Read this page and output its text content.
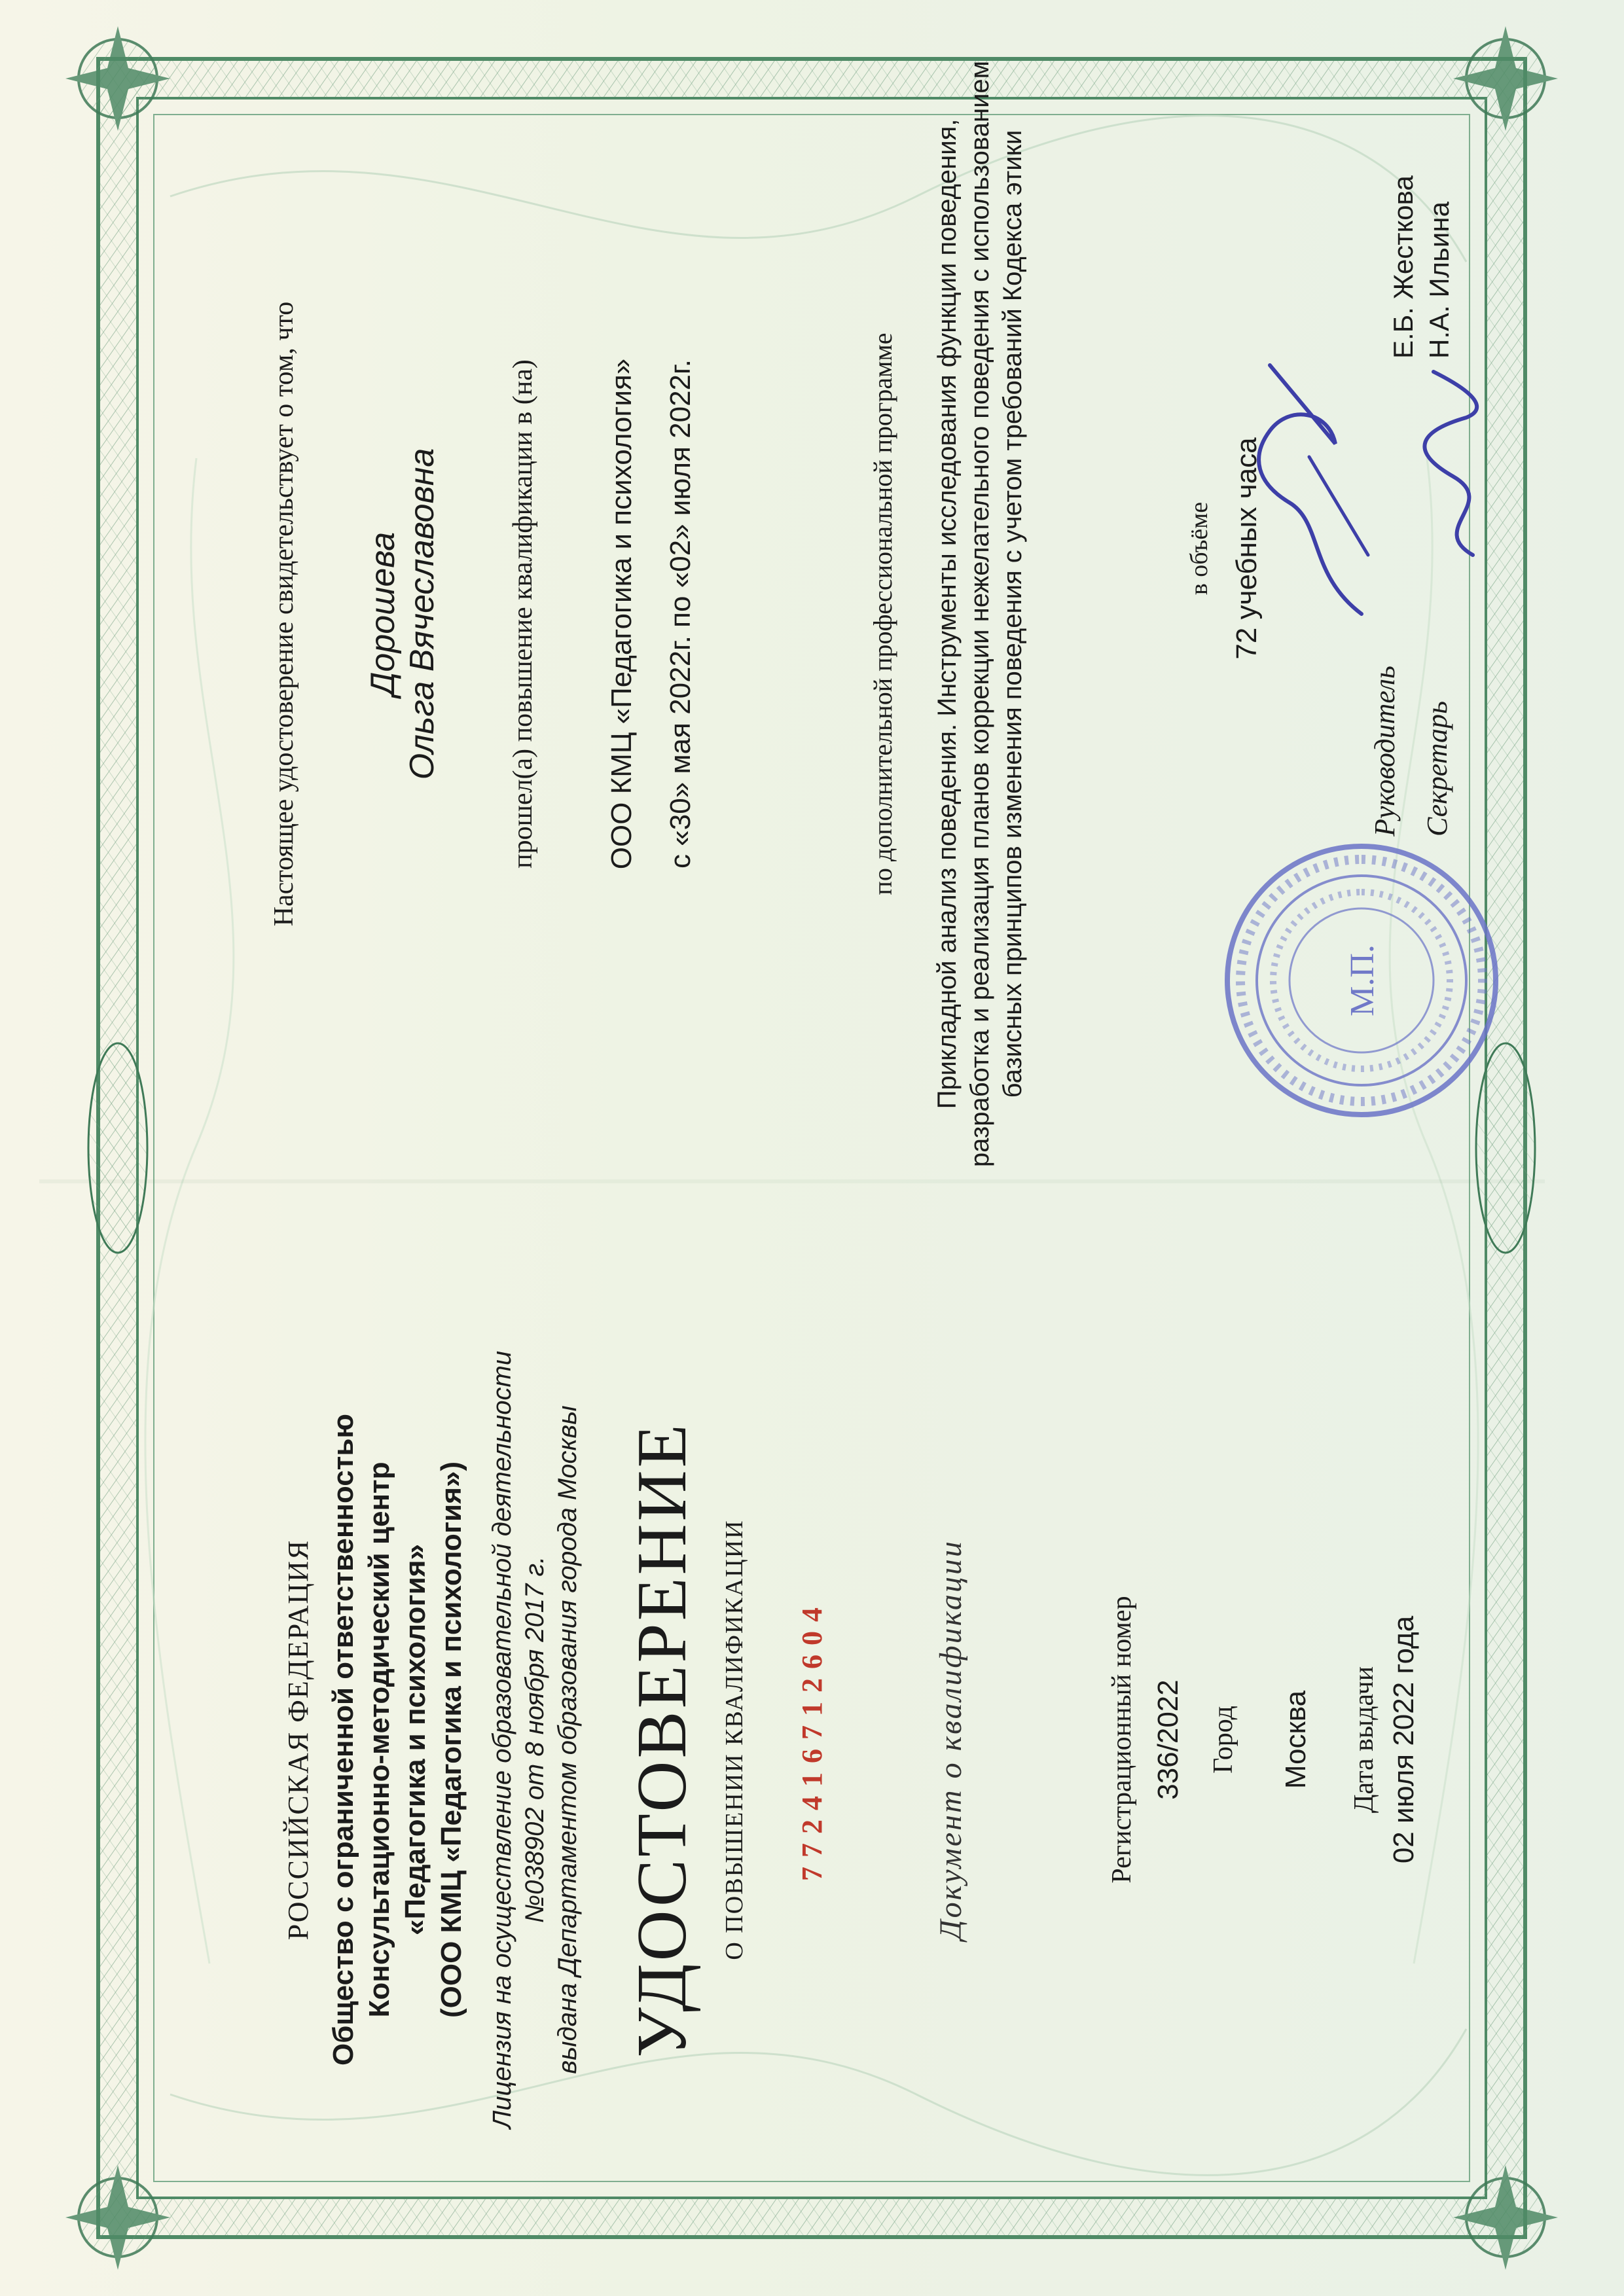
РОССИЙСКАЯ ФЕДЕРАЦИЯ Общество с ограниченной ответственностью Консультационно-методический центр «Педагогика и психология» (ООО КМЦ «Педагогика и психология») Лицензия на осуществление образовательной деятельности №038902 от 8 ноября 2017 г. выдана Департаментом образования города Москвы УДОСТОВЕРЕНИЕ О ПОВЫШЕНИИ КВАЛИФИКАЦИИ 772416712604	Документ о квалификации	Регистрационный номер 336/2022 Город Москва Дата выдачи 02 июля 2022 года
Настоящее удостоверение свидетельствует о том, что Дорошева Ольга Вячеславовна прошел(а) повышение квалификации в (на) ООО КМЦ «Педагогика и психология» с «30» мая 2022г. по «02» июля 2022г.	по дополнительной профессиональной программе Прикладной анализ поведения. Инструменты исследования функции поведения, разработка и реализация планов коррекции нежелательного поведения с использованием базисных принципов изменения поведения с учетом требований Кодекса этики	в объёме 72 учебных часа
Руководитель Секретарь
Е.Б. Жесткова Н.А. Ильина
М.П.
